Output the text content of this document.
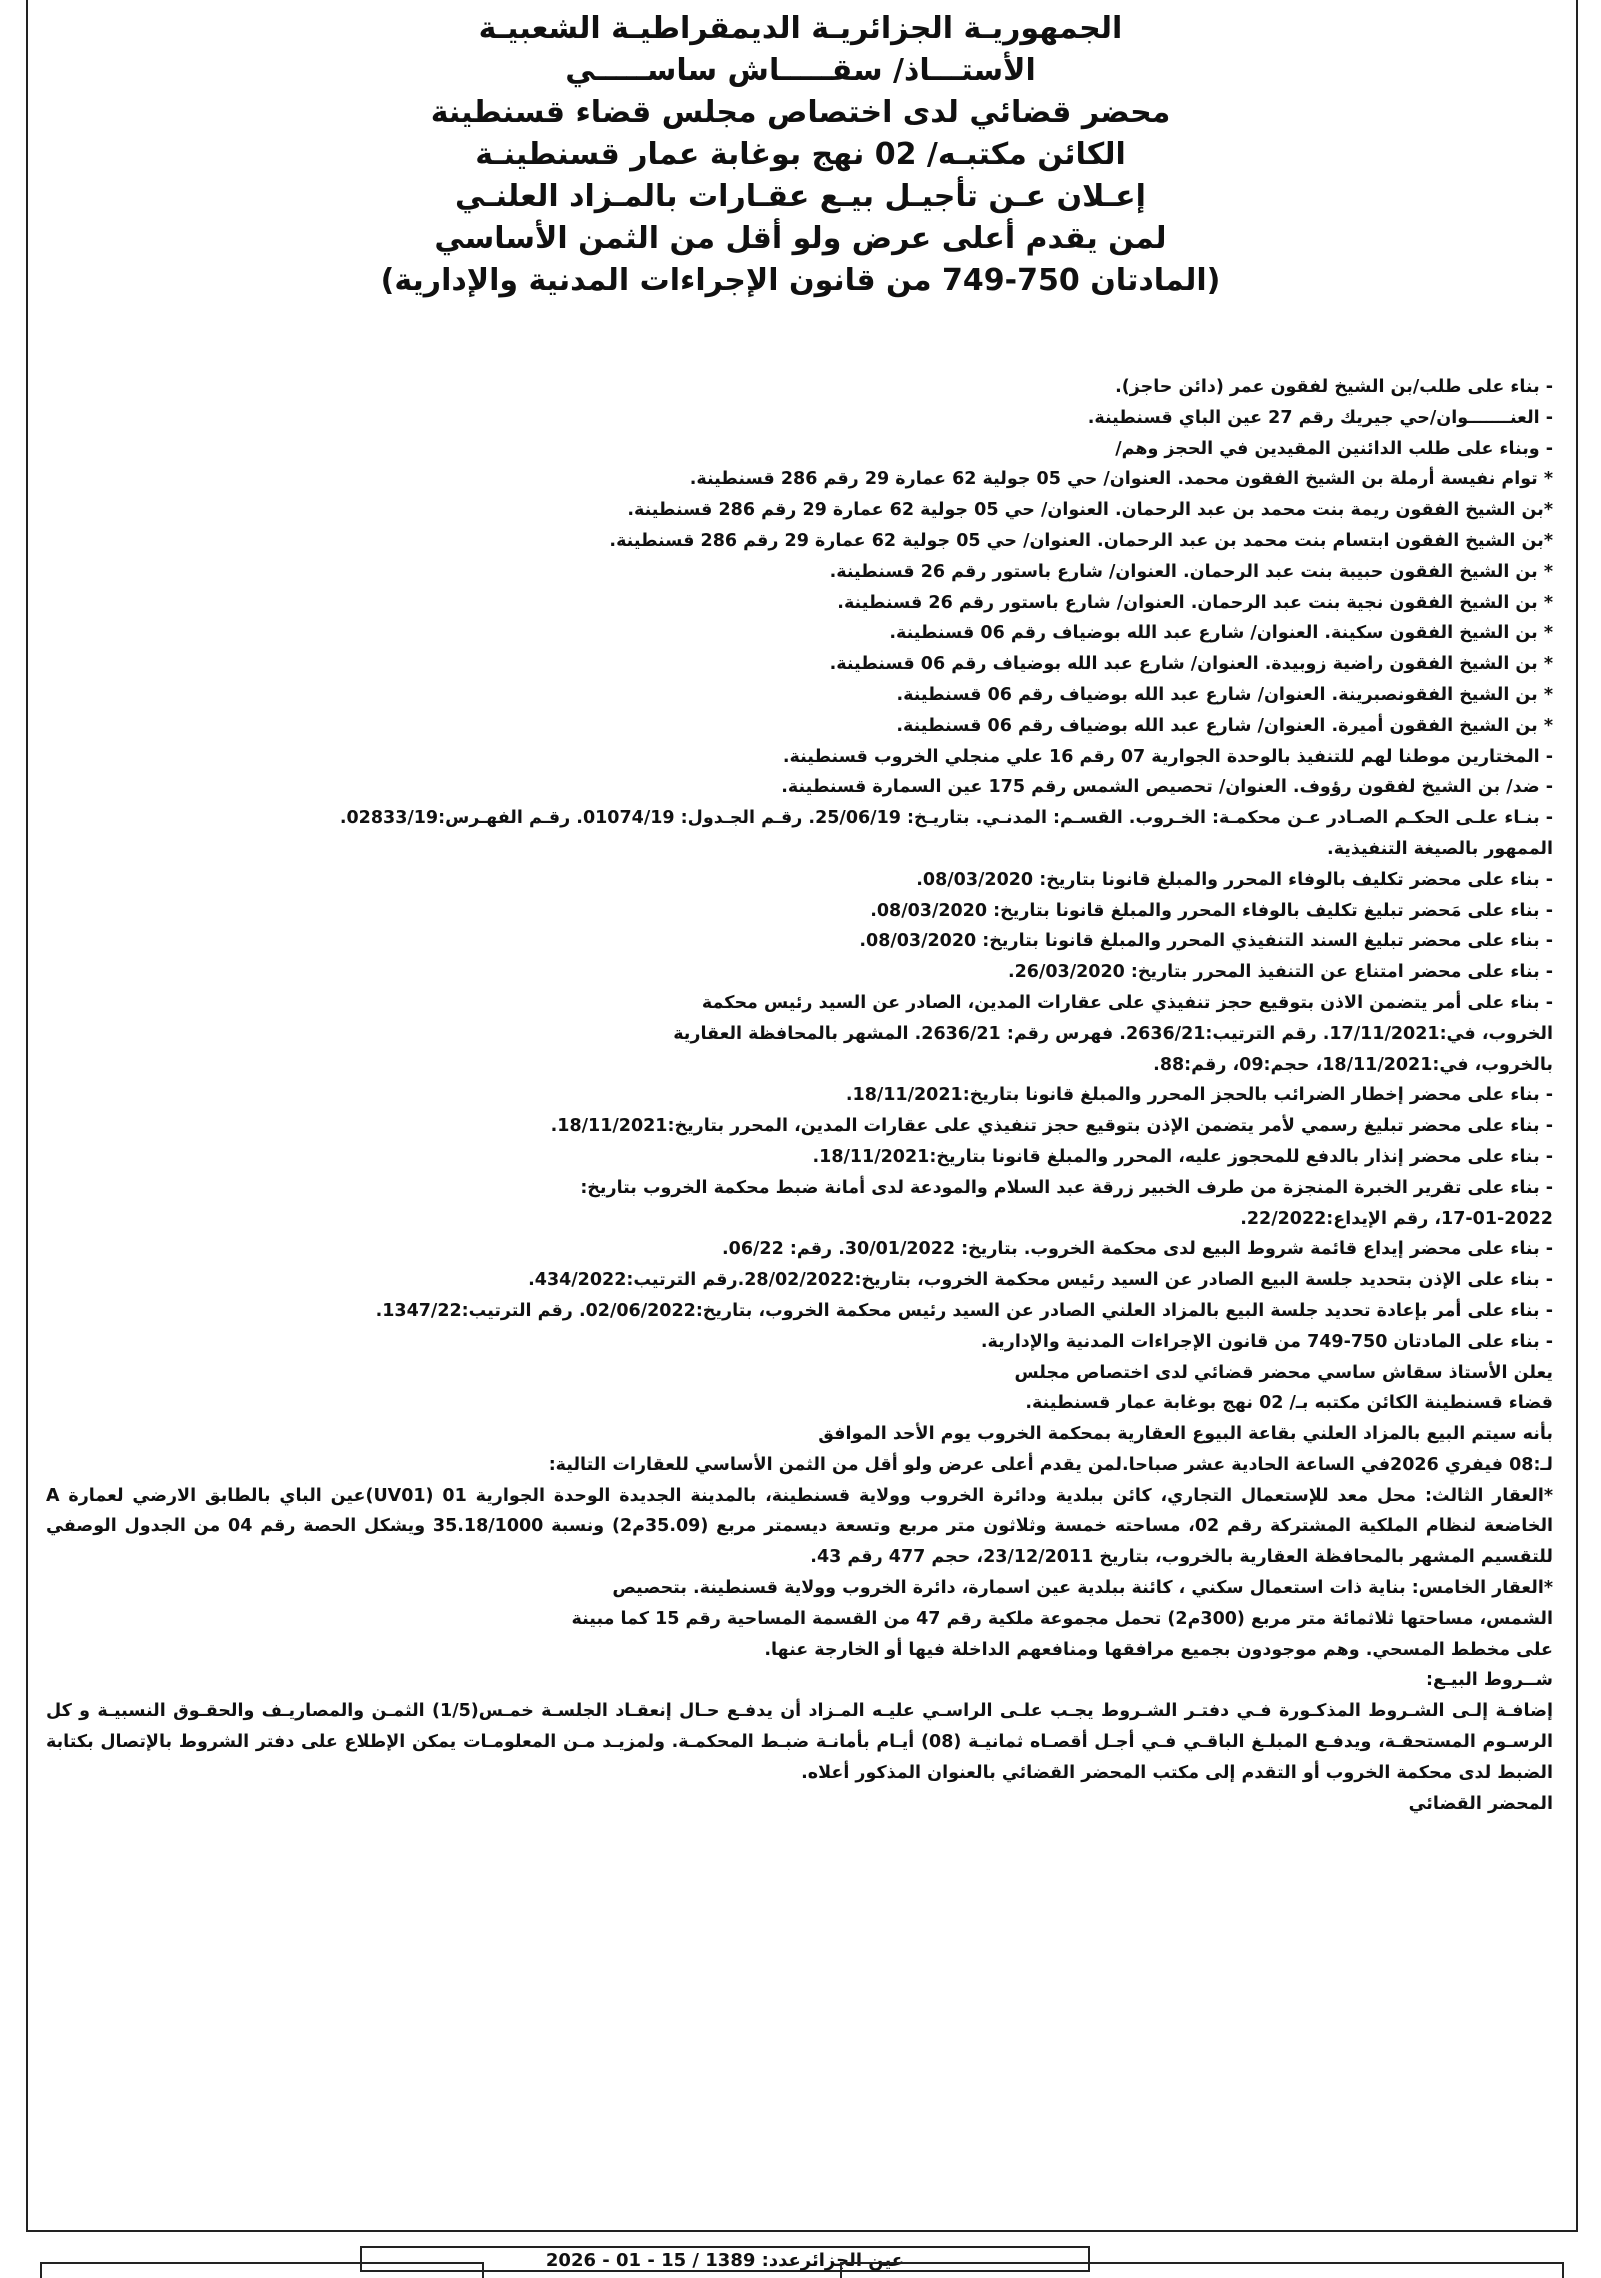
الجمهوريـة الجزائريـة الديمقراطيـة الشعبيـة
الأستـــاذ/ سقـــــاش ساســـــي
محضر قضائي لدى اختصاص مجلس قضاء قسنطينة
الكائن مكتبـه/ 02 نهج بوغابة عمار قسنطينـة
إعـلان عـن تأجيـل بيـع عقـارات بالمـزاد العلنـي
لمن يقدم أعلى عرض ولو أقل من الثمن الأساسي
(المادتان 750-749 من قانون الإجراءات المدنية والإدارية)
- بناء على طلب/بن الشيخ لفقون عمر (دائن حاجز).
- العنـــــــوان/حي جيريك رقم 27 عين الباي قسنطينة.
- وبناء على طلب الدائنين المقيدين في الحجز وهم/
* توام نفيسة أرملة بن الشيخ الفقون محمد. العنوان/ حي 05 جولية 62 عمارة 29 رقم 286 قسنطينة.
*بن الشيخ الفقون ريمة بنت محمد بن عبد الرحمان. العنوان/ حي 05 جولية 62 عمارة 29 رقم 286 قسنطينة.
*بن الشيخ الفقون ابتسام بنت محمد بن عبد الرحمان. العنوان/ حي 05 جولية 62 عمارة 29 رقم 286 قسنطينة.
* بن الشيخ الفقون حبيبة بنت عبد الرحمان. العنوان/ شارع باستور رقم 26 قسنطينة.
* بن الشيخ الفقون نجية بنت عبد الرحمان. العنوان/ شارع باستور رقم 26 قسنطينة.
* بن الشيخ الفقون سكينة. العنوان/ شارع عبد الله بوضياف رقم 06 قسنطينة.
* بن الشيخ الفقون راضية زوبيدة. العنوان/ شارع عبد الله بوضياف رقم 06 قسنطينة.
* بن الشيخ الفقونصبرينة. العنوان/ شارع عبد الله بوضياف رقم 06 قسنطينة.
* بن الشيخ الفقون أميرة. العنوان/ شارع عبد الله بوضياف رقم 06 قسنطينة.
- المختارين موطنا لهم للتنفيذ بالوحدة الجوارية 07 رقم 16 علي منجلي الخروب قسنطينة.
- ضد/ بن الشيخ لفقون رؤوف. العنوان/ تحصيص الشمس رقم 175 عين السمارة قسنطينة.
- بنـاء علـى الحكـم الصـادر عـن محكمـة: الخـروب. القسـم: المدنـي. بتاريـخ: 25/06/19. رقـم الجـدول: 01074/19. رقـم الفهـرس:02833/19.
الممهور بالصيغة التنفيذية.
- بناء على محضر تكليف بالوفاء المحرر والمبلغ قانونا بتاريخ: 08/03/2020.
- بناء على مَحضر تبليغ تكليف بالوفاء المحرر والمبلغ قانونا بتاريخ: 08/03/2020.
- بناء على محضر تبليغ السند التنفيذي المحرر والمبلغ قانونا بتاريخ: 08/03/2020.
- بناء على محضر امتناع عن التنفيذ المحرر بتاريخ: 26/03/2020.
- بناء على أمر يتضمن الاذن بتوقيع حجز تنفيذي على عقارات المدين، الصادر عن السيد رئيس محكمة
الخروب، في:17/11/2021. رقم الترتيب:2636/21. فهرس رقم: 2636/21. المشهر بالمحافظة العقارية
بالخروب، في:18/11/2021، حجم:09، رقم:88.
- بناء على محضر إخطار الضرائب بالحجز المحرر والمبلغ قانونا بتاريخ:18/11/2021.
- بناء على محضر تبليغ رسمي لأمر يتضمن الإذن بتوقيع حجز تنفيذي على عقارات المدين، المحرر بتاريخ:18/11/2021.
- بناء على محضر إنذار بالدفع للمحجوز عليه، المحرر والمبلغ قانونا بتاريخ:18/11/2021.
- بناء على تقرير الخبرة المنجزة من طرف الخبير زرقة عبد السلام والمودعة لدى أمانة ضبط محكمة الخروب بتاريخ:
17-01-2022، رقم الإيداع:22/2022.
- بناء على محضر إيداع قائمة شروط البيع لدى محكمة الخروب. بتاريخ: 30/01/2022. رقم: 06/22.
- بناء على الإذن بتحديد جلسة البيع الصادر عن السيد رئيس محكمة الخروب، بتاريخ:28/02/2022.رقم الترتيب:434/2022.
- بناء على أمر بإعادة تحديد جلسة البيع بالمزاد العلني الصادر عن السيد رئيس محكمة الخروب، بتاريخ:02/06/2022. رقم الترتيب:1347/22.
- بناء على المادتان 750-749 من قانون الإجراءات المدنية والإدارية.
يعلن الأستاذ سقاش ساسي محضر قضائي لدى اختصاص مجلس
قضاء قسنطينة الكائن مكتبه بـ/ 02 نهج بوغابة عمار قسنطينة.
بأنه سيتم البيع بالمزاد العلني بقاعة البيوع العقارية بمحكمة الخروب يوم الأحد الموافق
لـ:08 فيفري 2026في الساعة الحادية عشر صباحا.لمن يقدم أعلى عرض ولو أقل من الثمن الأساسي للعقارات التالية:
*العقار الثالث: محل معد للإستعمال التجاري، كائن ببلدية ودائرة الخروب وولاية قسنطينة، بالمدينة الجديدة الوحدة الجوارية 01 (UV01)عين الباي بالطابق الارضي لعمارة A الخاضعة لنظام الملكية المشتركة رقم 02، مساحته خمسة وثلاثون متر مربع وتسعة ديسمتر مربع (35.09م2) ونسبة 35.18/1000 ويشكل الحصة رقم 04 من الجدول الوصفي للتقسيم المشهر بالمحافظة العقارية بالخروب، بتاريخ 23/12/2011، حجم 477 رقم 43.
*العقار الخامس: بناية ذات استعمال سكني ، كائنة ببلدية عين اسمارة، دائرة الخروب وولاية قسنطينة. بتحصيص
الشمس، مساحتها ثلاثمائة متر مربع (300م2) تحمل مجموعة ملكية رقم 47 من القسمة المساحية رقم 15 كما مبينة
على مخطط المسحي. وهم موجودون بجميع مرافقها ومنافعهم الداخلة فيها أو الخارجة عنها.
شــروط البيـع:
إضافـة إلـى الشـروط المذكـورة فـي دفتـر الشـروط يجـب علـى الراسـي عليـه المـزاد أن يدفـع حـال إنعقـاد الجلسـة خمـس(1/5) الثمـن والمصاريـف والحقـوق النسبيـة و كل الرسـوم المستحقـة، ويدفـع المبلـغ الباقـي فـي أجـل أقصـاه ثمانيـة (08) أيـام بأمانـة ضبـط المحكمـة. ولمزيـد مـن المعلومـات يمكن الإطلاع على دفتر الشروط بالإتصال بكتابة الضبط لدى محكمة الخروب أو التقدم إلى مكتب المحضر القضائي بالعنوان المذكور أعلاه.
المحضر القضائي
عين الجزائرعدد: 1389 / 15 - 01 - 2026
